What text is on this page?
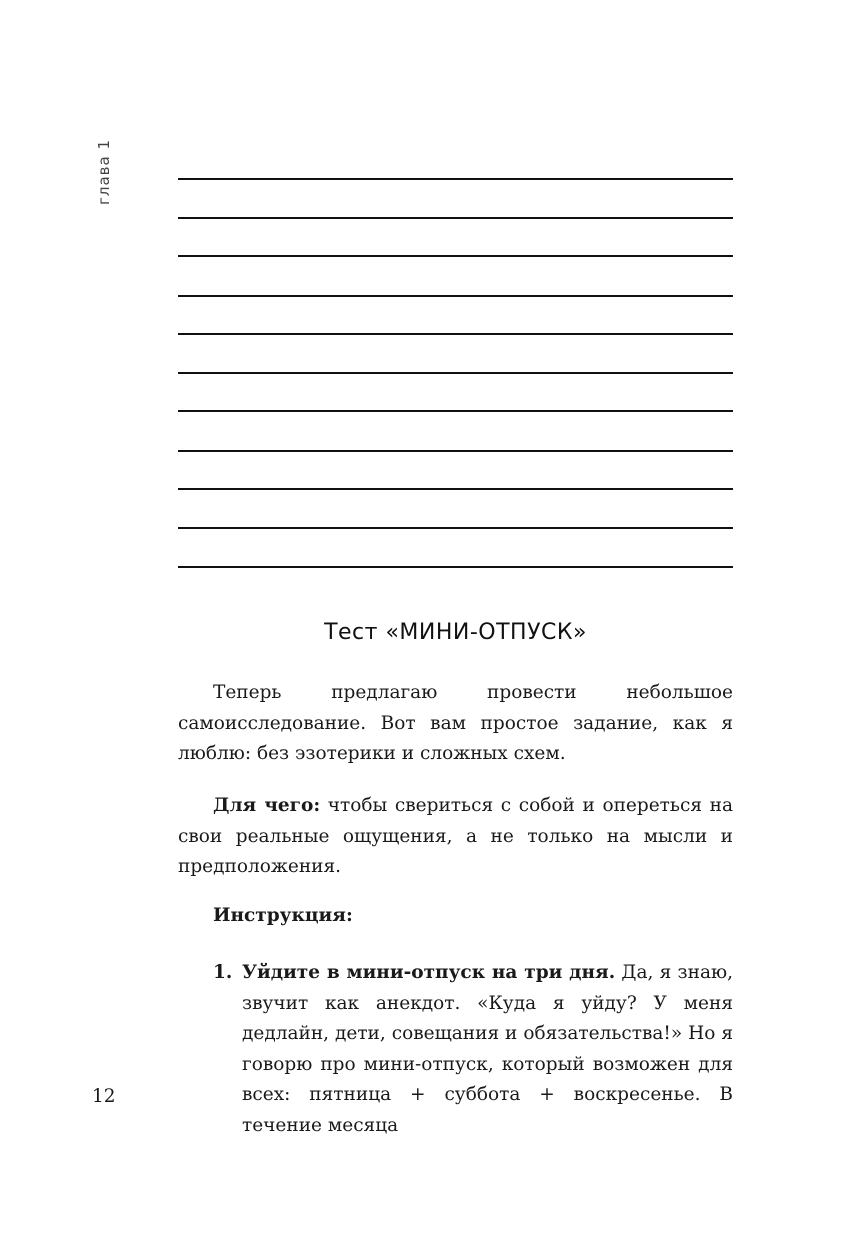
глава 1
Тест «МИНИ-ОТПУСК»

Теперь предлагаю провести небольшое самоисследование. Вот вам простое задание, как я люблю: без эзотерики и сложных схем.

Для чего: чтобы свериться с собой и опереться на свои реальные ощущения, а не только на мысли и предположения.

Инструкция:
1. Уйдите в мини-отпуск на три дня. Да, я знаю, звучит как анекдот. «Куда я уйду? У меня дедлайн, дети, совещания и обязательства!» Но я говорю про мини-отпуск, который возможен для всех: пятница + суббота + воскресенье. В течение месяца
12
